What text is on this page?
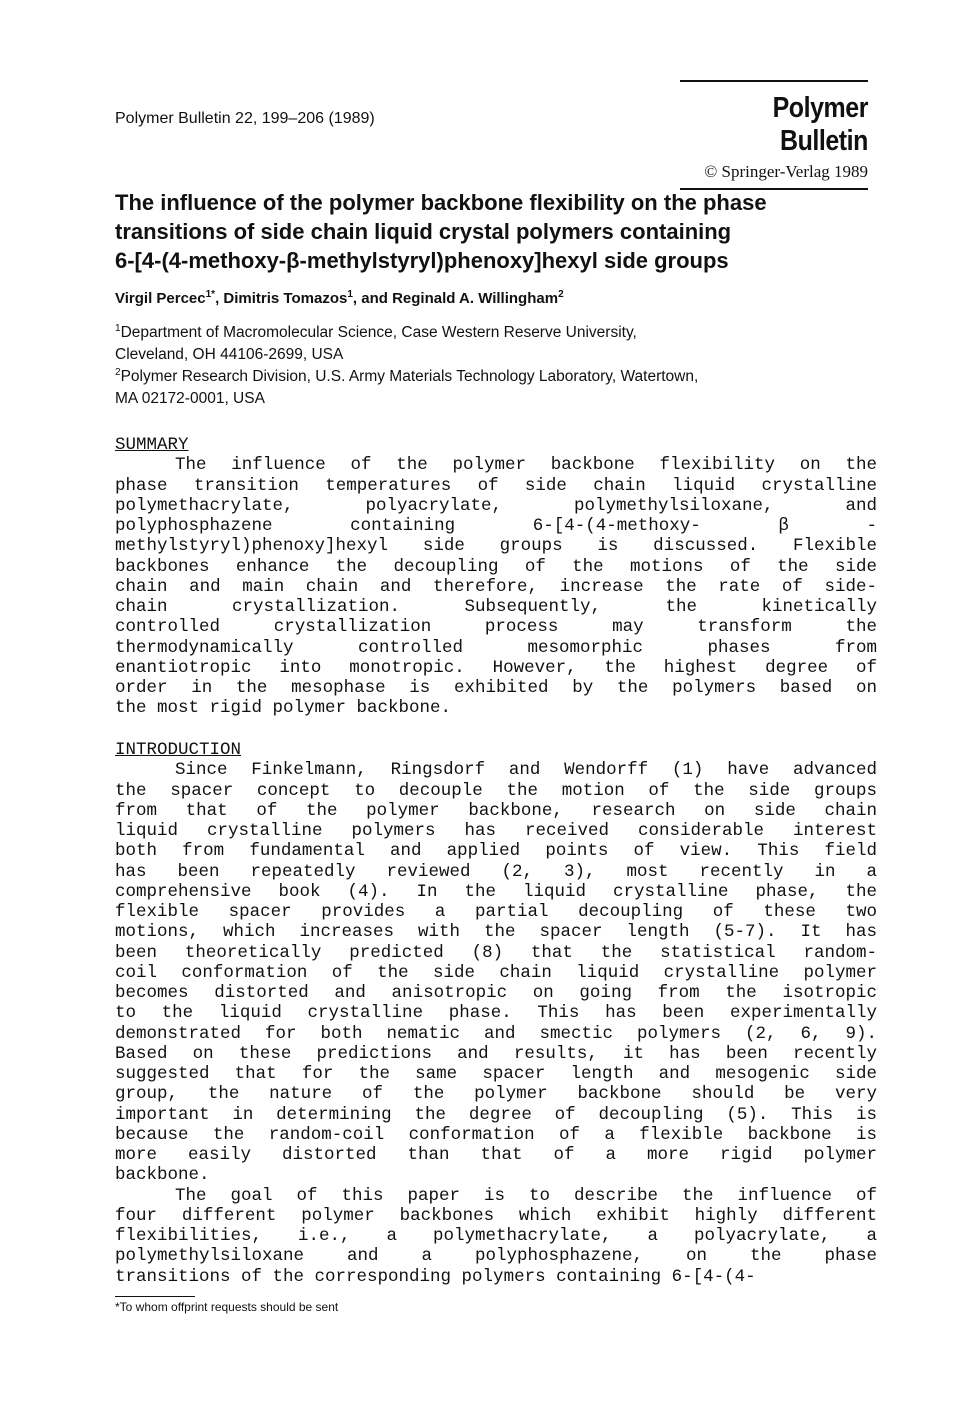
Polymer Bulletin 22, 199–206 (1989)	Polymer Bulletin
© Springer-Verlag 1989
The influence of the polymer backbone flexibility on the phase
transitions of side chain liquid crystal polymers containing
6-[4-(4-methoxy-β-methylstyryl)phenoxy]hexyl side groups
Virgil Percec$^{1*}$, Dimitris Tomazos$^1$, and Reginald A. Willingham$^2$
$^1$Department of Macromolecular Science, Case Western Reserve University,
Cleveland, OH 44106-2699, USA
$^2$Polymer Research Division, U.S. Army Materials Technology Laboratory, Watertown,
MA 02172-0001, USA
SUMMARY
The influence of the polymer backbone flexibility on the
phase transition temperatures of side chain liquid crystalline
polymethacrylate, polyacrylate, polymethylsiloxane, and
polyphosphazene containing 6-[4-(4-methoxy- β -
methylstyryl)phenoxy]hexyl side groups is discussed. Flexible
backbones enhance the decoupling of the motions of the side
chain and main chain and therefore, increase the rate of side-
chain crystallization. Subsequently, the kinetically
controlled crystallization process may transform the
thermodynamically controlled mesomorphic phases from
enantiotropic into monotropic. However, the highest degree of
order in the mesophase is exhibited by the polymers based on
the most rigid polymer backbone.
INTRODUCTION
Since Finkelmann, Ringsdorf and Wendorff (1) have advanced
the spacer concept to decouple the motion of the side groups
from that of the polymer backbone, research on side chain
liquid crystalline polymers has received considerable interest
both from fundamental and applied points of view. This field
has been repeatedly reviewed (2, 3), most recently in a
comprehensive book (4). In the liquid crystalline phase, the
flexible spacer provides a partial decoupling of these two
motions, which increases with the spacer length (5-7). It has
been theoretically predicted (8) that the statistical random-
coil conformation of the side chain liquid crystalline polymer
becomes distorted and anisotropic on going from the isotropic
to the liquid crystalline phase. This has been experimentally
demonstrated for both nematic and smectic polymers (2, 6, 9).
Based on these predictions and results, it has been recently
suggested that for the same spacer length and mesogenic side
group, the nature of the polymer backbone should be very
important in determining the degree of decoupling (5). This is
because the random-coil conformation of a flexible backbone is
more easily distorted than that of a more rigid polymer
backbone.
The goal of this paper is to describe the influence of
four different polymer backbones which exhibit highly different
flexibilities, i.e., a polymethacrylate, a polyacrylate, a
polymethylsiloxane and a polyphosphazene, on the phase
transitions of the corresponding polymers containing 6-[4-(4-
*To whom offprint requests should be sent
